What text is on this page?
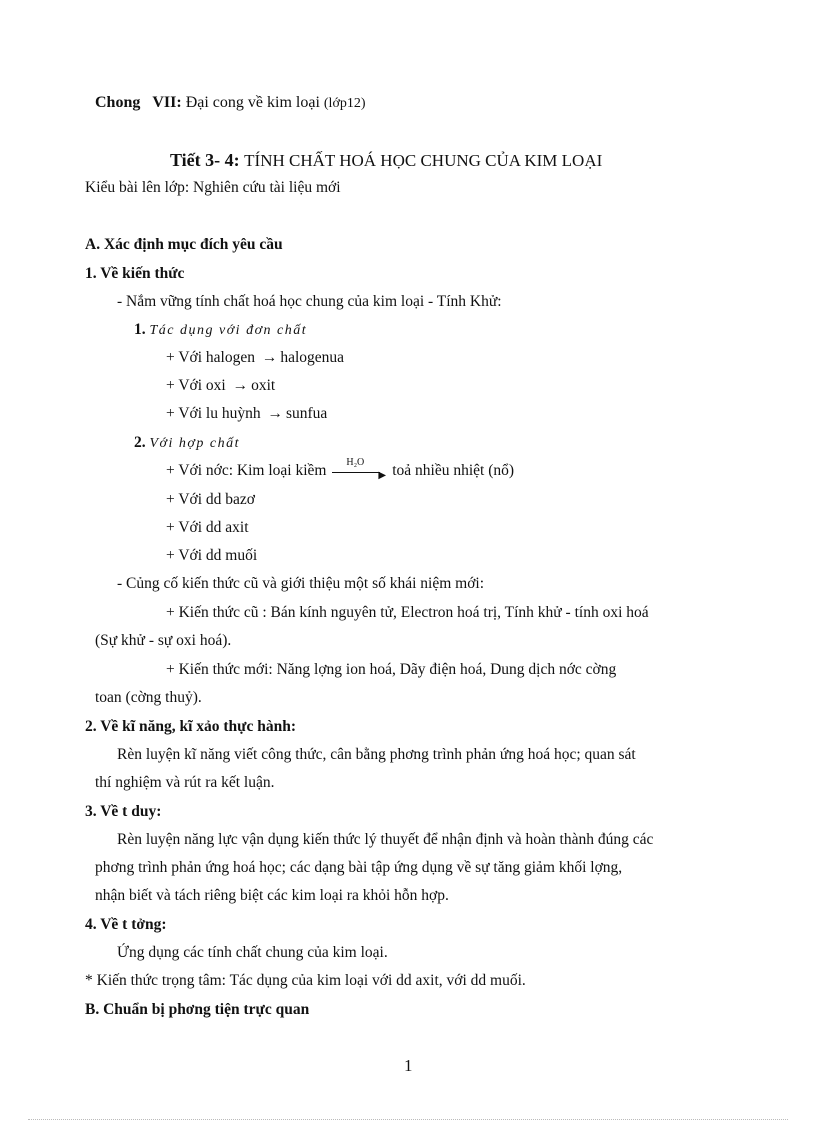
Chong VII: Đại cong về kim loại (lớp12)
Tiết 3- 4: TÍNH CHẤT HOÁ HỌC CHUNG CỦA KIM LOẠI
Kiểu bài lên lớp: Nghiên cứu tài liệu mới
A. Xác định mục đích yêu cầu
1. Về kiến thức
- Nắm vững tính chất hoá học chung của kim loại - Tính Khử:
1. Tác dụng với đơn chất
+ Với halogen → halogenua
+ Với oxi → oxit
+ Với lu huỳnh → sunfua
2. Với hợp chất
+ Với nớc: Kim loại kiềm H₂O
▶ toả nhiều nhiệt (nổ)
+ Với dd bazơ
+ Với dd axit
+ Với dd muối
- Củng cố kiến thức cũ và giới thiệu một số khái niệm mới:
+ Kiến thức cũ : Bán kính nguyên tử, Electron hoá trị, Tính khử - tính oxi hoá
(Sự khử - sự oxi hoá).
+ Kiến thức mới: Năng lợng ion hoá, Dãy điện hoá, Dung dịch nớc cờng
toan (cờng thuỷ).
2. Về kĩ năng, kĩ xảo thực hành:
Rèn luyện kĩ năng viết công thức, cân bằng phơng trình phản ứng hoá học; quan sát
thí nghiệm và rút ra kết luận.
3. Về t duy:
Rèn luyện năng lực vận dụng kiến thức lý thuyết để nhận định và hoàn thành đúng các
phơng trình phản ứng hoá học; các dạng bài tập ứng dụng về sự tăng giảm khối lợng,
nhận biết và tách riêng biệt các kim loại ra khỏi hỗn hợp.
4. Về t tởng:
Ứng dụng các tính chất chung của kim loại.
* Kiến thức trọng tâm: Tác dụng của kim loại với dd axit, với dd muối.
B. Chuẩn bị phơng tiện trực quan
1
